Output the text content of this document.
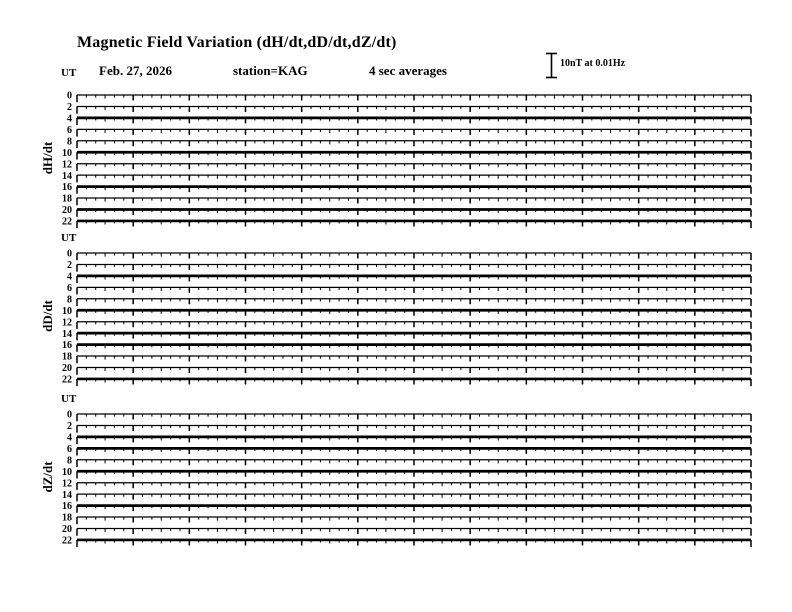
Magnetic Field Variation (dH/dt,dD/dt,dZ/dt)
Feb. 27, 2026	station=KAG	4 sec averages	10nT at 0.01Hz
UT
dH/dt
0
2
4
6
8
10
12
14
16
18
20
22
UT
dD/dt
0
2
4
6
8
10
12
14
16
18
20
22
UT
dZ/dt
0
2
4
6
8
10
12
14
16
18
20
22
